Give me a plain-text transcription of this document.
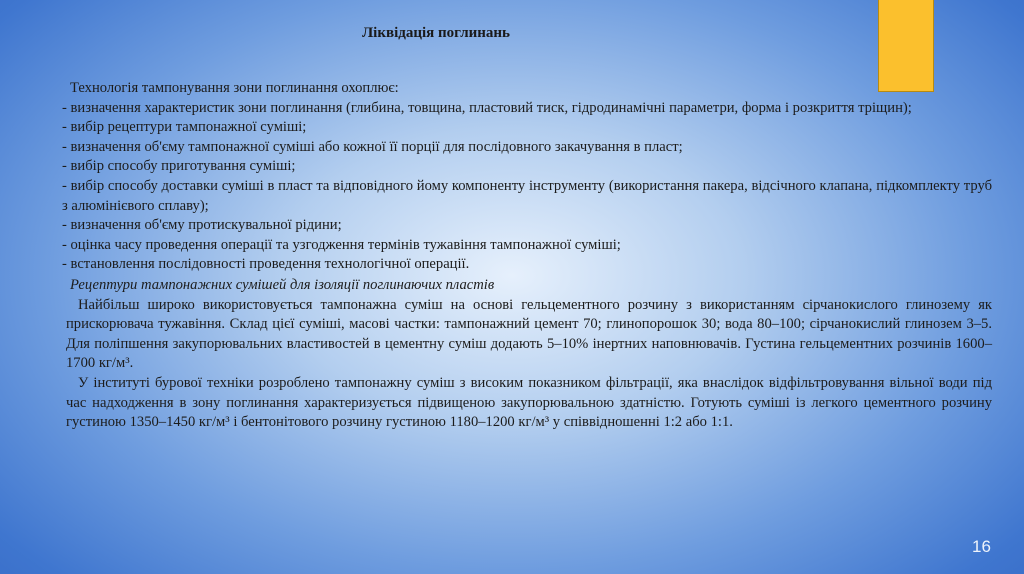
Ліквідація поглинань
Технологія тампонування зони поглинання охоплює:
- визначення характеристик зони поглинання (глибина, товщина, пластовий тиск, гідродинамічні параметри, форма і розкриття тріщин);
- вибір рецептури тампонажної суміші;
- визначення об'єму тампонажної суміші або кожної її порції для послідовного закачування в пласт;
- вибір способу приготування суміші;
- вибір способу доставки суміші в пласт та відповідного йому компоненту інструменту (використання пакера, відсічного клапана, підкомплекту труб з алюмінієвого сплаву);
- визначення об'єму протискувальної рідини;
- оцінка часу проведення операції та узгодження термінів тужавіння тампонажної суміші;
- встановлення послідовності проведення технологічної операції.
Рецептури тампонажних сумішей для ізоляції поглинаючих пластів
Найбільш широко використовується тампонажна суміш на основі гельцементного розчину з використанням сірчанокислого глинозему як прискорювача тужавіння. Склад цієї суміші, масові частки: тампонажний цемент 70; глинопорошок 30; вода 80–100; сірчанокислий глинозем 3–5. Для поліпшення закупорювальних властивостей в цементну суміш додають 5–10% інертних наповнювачів. Густина гельцементних розчинів 1600–1700 кг/м³.
У інституті бурової техніки розроблено тампонажну суміш з високим показником фільтрації, яка внаслідок відфільтровування вільної води під час надходження в зону поглинання характеризується підвищеною закупорювальною здатністю. Готують суміші із легкого цементного розчину густиною 1350–1450 кг/м³ і бентонітового розчину густиною 1180–1200 кг/м³ у співвідношенні 1:2 або 1:1.
16
